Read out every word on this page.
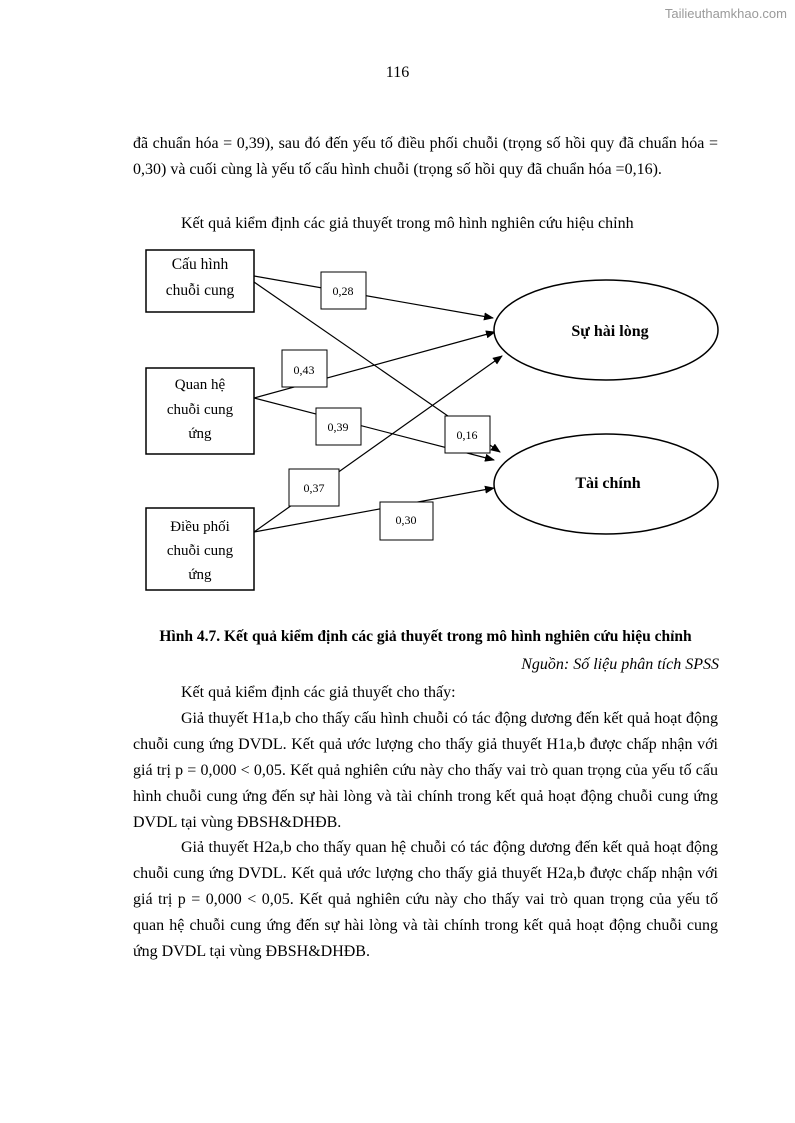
Tailieuthamkhao.com
116

đã chuẩn hóa = 0,39), sau đó đến yếu tố điều phối chuỗi (trọng số hồi quy đã chuẩn hóa = 0,30) và cuối cùng là yếu tố cấu hình chuỗi (trọng số hồi quy đã chuẩn hóa =0,16).

Kết quả kiểm định các giả thuyết trong mô hình nghiên cứu hiệu chỉnh

Cấu hình
chuỗi cung
Quan hệ
chuỗi cung
ứng
Điều phối
chuỗi cung
ứng
Sự hài lòng
Tài chính
0,28
0,43
0,39
0,16
0,37
0,30
Hình 4.7. Kết quả kiểm định các giả thuyết trong mô hình nghiên cứu hiệu chỉnh
Nguồn: Số liệu phân tích SPSS

Kết quả kiểm định các giả thuyết cho thấy:

Giả thuyết H1a,b cho thấy cấu hình chuỗi có tác động dương đến kết quả hoạt động chuỗi cung ứng DVDL. Kết quả ước lượng cho thấy giả thuyết H1a,b được chấp nhận với giá trị p = 0,000 < 0,05. Kết quả nghiên cứu này cho thấy vai trò quan trọng của yếu tố cấu hình chuỗi cung ứng đến sự hài lòng và tài chính trong kết quả hoạt động chuỗi cung ứng DVDL tại vùng ĐBSH&DHĐB.

Giả thuyết H2a,b cho thấy quan hệ chuỗi có tác động dương đến kết quả hoạt động chuỗi cung ứng DVDL. Kết quả ước lượng cho thấy giả thuyết H2a,b được chấp nhận với giá trị p = 0,000 < 0,05. Kết quả nghiên cứu này cho thấy vai trò quan trọng của yếu tố quan hệ chuỗi cung ứng đến sự hài lòng và tài chính trong kết quả hoạt động chuỗi cung ứng DVDL tại vùng ĐBSH&DHĐB.
